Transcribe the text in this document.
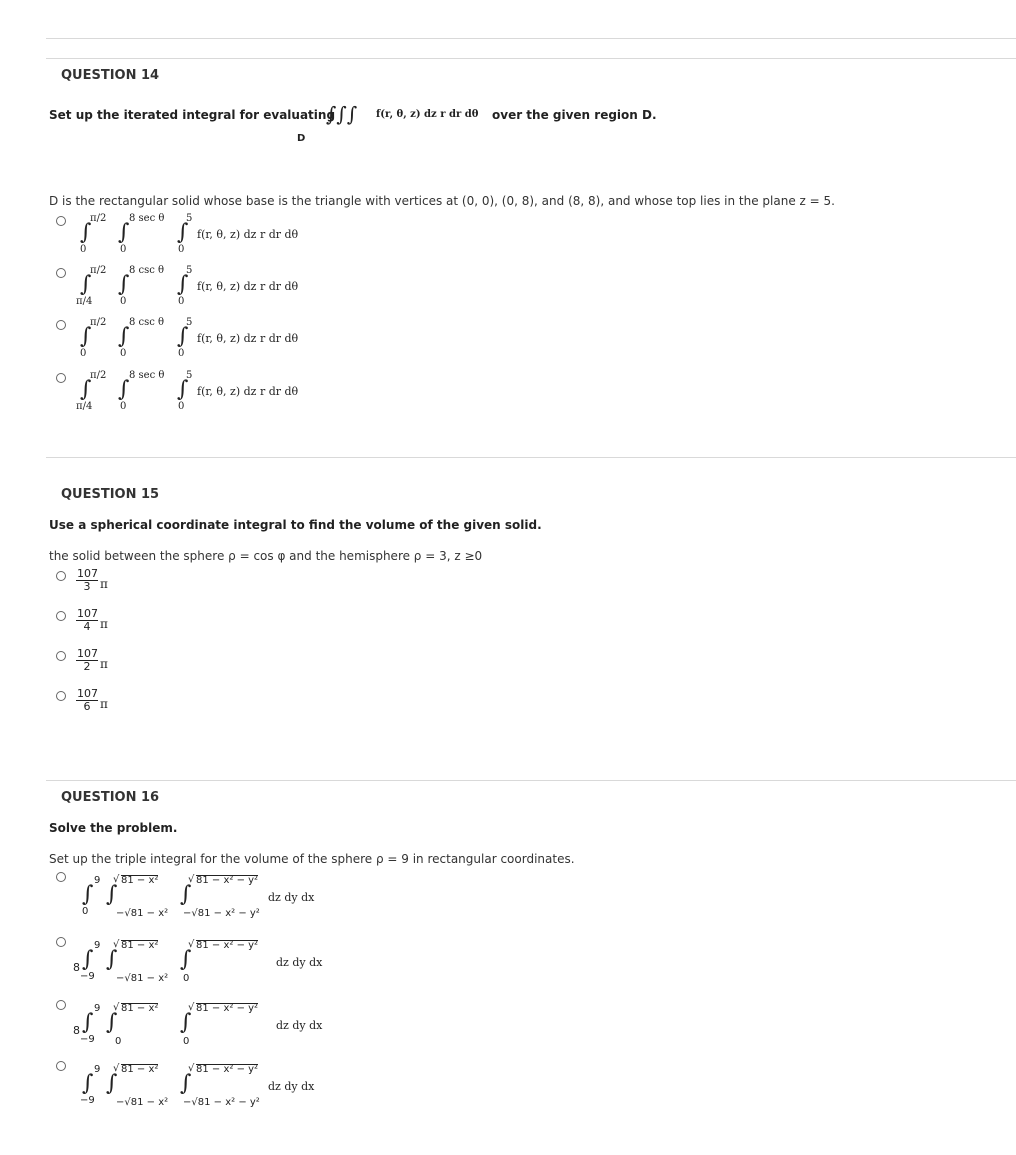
QUESTION 14
Set up the iterated integral for evaluating
∫∫∫ f(r, θ, z) dz r dr dθ over the given region D.
D
D is the rectangular solid whose base is the triangle with vertices at (0, 0), (0, 8), and (8, 8), and whose top lies in the plane z = 5.
π/2
∫
0
8 sec θ
∫
0
5
∫
0
f(r, θ, z) dz r dr dθ
π/2
∫
π/4
8 csc θ
∫
0
5
∫
0
f(r, θ, z) dz r dr dθ
π/2
∫
0
8 csc θ
∫
0
5
∫
0
f(r, θ, z) dz r dr dθ
π/2
∫
π/4
8 sec θ
∫
0
5
∫
0
f(r, θ, z) dz r dr dθ
QUESTION 15
Use a spherical coordinate integral to find the volume of the given solid.
the solid between the sphere ρ = cos φ and the hemisphere ρ = 3, z ≥0
$\frac{107}{3}$ π
$\frac{107}{4}$ π
$\frac{107}{2}$ π
$\frac{107}{6}$ π
QUESTION 16
Solve the problem.
Set up the triple integral for the volume of the sphere ρ = 9 in rectangular coordinates.
9
∫
0
√ 81 − x²
∫
−√81 − x²
√ 81 − x² − y²
∫
−√81 − x² − y²
dz dy dx
8
9
∫
−9
√ 81 − x²
∫
−√81 − x²
√ 81 − x² − y²
∫
0
dz dy dx
8
9
∫
−9
√ 81 − x²
∫
0
√ 81 − x² − y²
∫
0
dz dy dx
9
∫
−9
√ 81 − x²
∫
−√81 − x²
√ 81 − x² − y²
∫
−√81 − x² − y²
dz dy dx
